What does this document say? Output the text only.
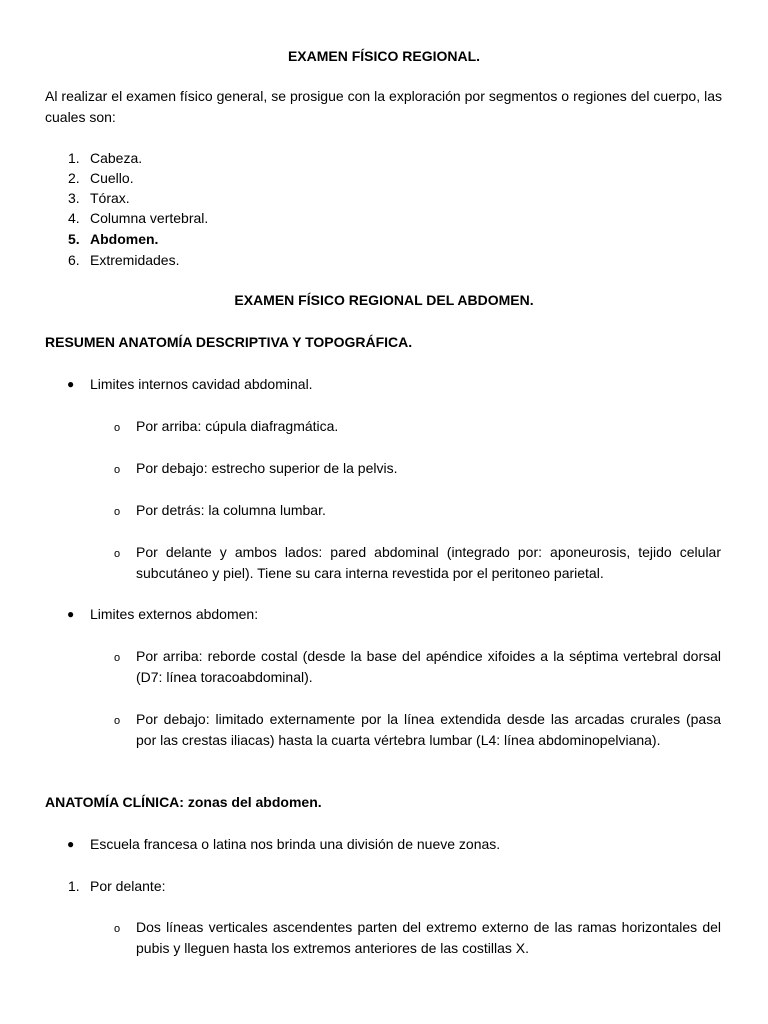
EXAMEN FÍSICO REGIONAL.

Al realizar el examen físico general, se prosigue con la exploración por segmentos o regiones del cuerpo, las cuales son:

1. Cabeza.
2. Cuello.
3. Tórax.
4. Columna vertebral.
5. Abdomen.
6. Extremidades.

EXAMEN FÍSICO REGIONAL DEL ABDOMEN.

RESUMEN ANATOMÍA DESCRIPTIVA Y TOPOGRÁFICA.

● Limites internos cavidad abdominal.
o Por arriba: cúpula diafragmática.

o Por debajo: estrecho superior de la pelvis.

o Por detrás: la columna lumbar.

o Por delante y ambos lados: pared abdominal (integrado por: aponeurosis, tejido celular subcutáneo y piel). Tiene su cara interna revestida por el peritoneo parietal.

● Limites externos abdomen:
o Por arriba: reborde costal (desde la base del apéndice xifoides a la séptima vertebral dorsal (D7: línea toracoabdominal).

o Por debajo: limitado externamente por la línea extendida desde las arcadas crurales (pasa por las crestas iliacas) hasta la cuarta vértebra lumbar (L4: línea abdominopelviana).

ANATOMÍA CLÍNICA: zonas del abdomen.

● Escuela francesa o latina nos brinda una división de nueve zonas.
1. Por delante:
o Dos líneas verticales ascendentes parten del extremo externo de las ramas horizontales del pubis y lleguen hasta los extremos anteriores de las costillas X.
